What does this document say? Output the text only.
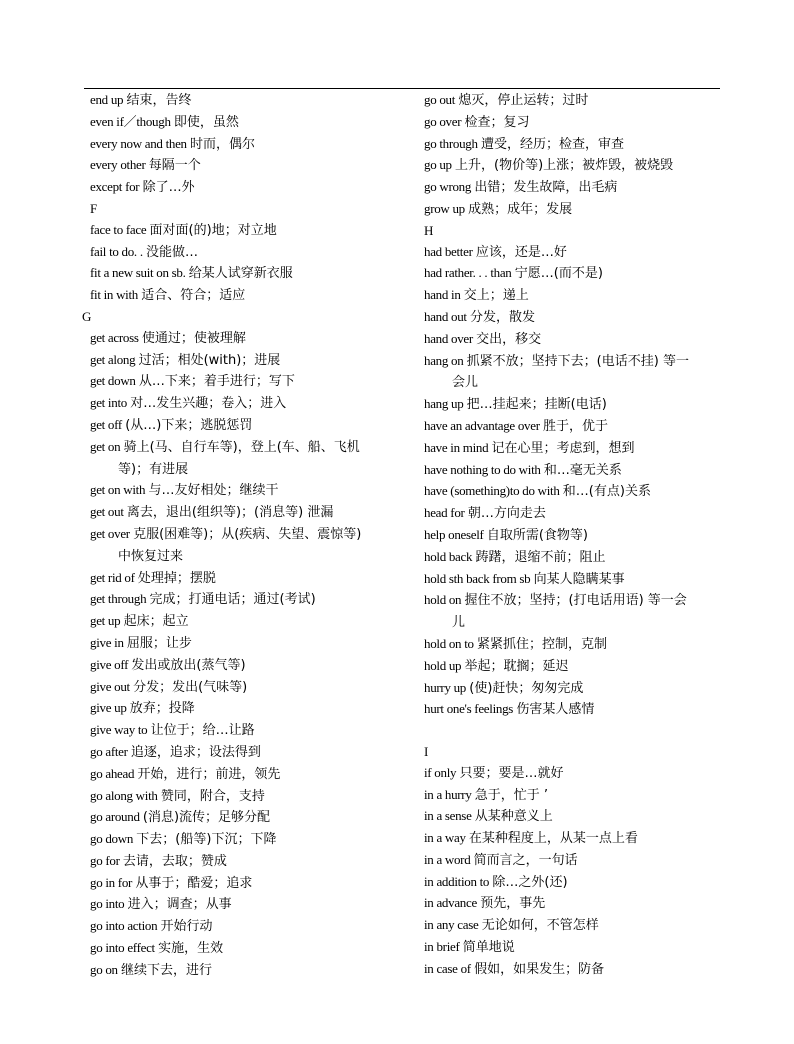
end up 结束，告终
even if／though 即使，虽然
every now and then 时而，偶尔
every other 每隔一个
except for 除了…外
F
face to face 面对面(的)地；对立地
fail to do. . 没能做…
fit a new suit on sb. 给某人试穿新衣服
fit in with 适合、符合；适应
G
get across 使通过；使被理解
get along 过活；相处(with)；进展
get down 从…下来；着手进行；写下
get into 对…发生兴趣；卷入；进入
get off (从…)下来；逃脱惩罚
get on 骑上(马、自行车等)，登上(车、船、飞机
等)；有进展
get on with 与…友好相处；继续干
get out 离去，退出(组织等)；(消息等) 泄漏
get over 克服(困难等)；从(疾病、失望、震惊等)
中恢复过来
get rid of 处理掉；摆脱
get through 完成；打通电话；通过(考试)
get up 起床；起立
give in 屈服；让步
give off 发出或放出(蒸气等)
give out 分发；发出(气味等)
give up 放弃；投降
give way to 让位于；给…让路
go after 追逐，追求；设法得到
go ahead 开始，进行；前进，领先
go along with 赞同，附合，支持
go around (消息)流传；足够分配
go down 下去；(船等)下沉；下降
go for 去请，去取；赞成
go in for 从事于；酷爱；追求
go into 进入；调查；从事
go into action 开始行动
go into effect 实施，生效
go on 继续下去，进行
go out 熄灭，停止运转；过时
go over 检查；复习
go through 遭受，经历；检查，审查
go up 上升，(物价等)上涨；被炸毁，被烧毁
go wrong 出错；发生故障，出毛病
grow up 成熟；成年；发展
H
had better 应该，还是…好
had rather. . . than 宁愿…(而不是)
hand in 交上；递上
hand out 分发，散发
hand over 交出，移交
hang on 抓紧不放；坚持下去；(电话不挂) 等一
会儿
hang up 把…挂起来；挂断(电话)
have an advantage over 胜于，优于
have in mind 记在心里；考虑到，想到
have nothing to do with 和…毫无关系
have (something)to do with 和…(有点)关系
head for 朝…方向走去
help oneself 自取所需(食物等)
hold back 踌躇，退缩不前；阻止
hold sth back from sb 向某人隐瞒某事
hold on 握住不放；坚持；(打电话用语) 等一会
儿
hold on to 紧紧抓住；控制，克制
hold up 举起；耽搁；延迟
hurry up (使)赶快；匆匆完成
hurt one's feelings 伤害某人感情
I
if only 只要；要是…就好
in a hurry 急于，忙于 ’
in a sense 从某种意义上
in a way 在某种程度上，从某一点上看
in a word 简而言之，一句话
in addition to 除…之外(还)
in advance 预先，事先
in any case 无论如何，不管怎样
in brief 简单地说
in case of 假如，如果发生；防备
